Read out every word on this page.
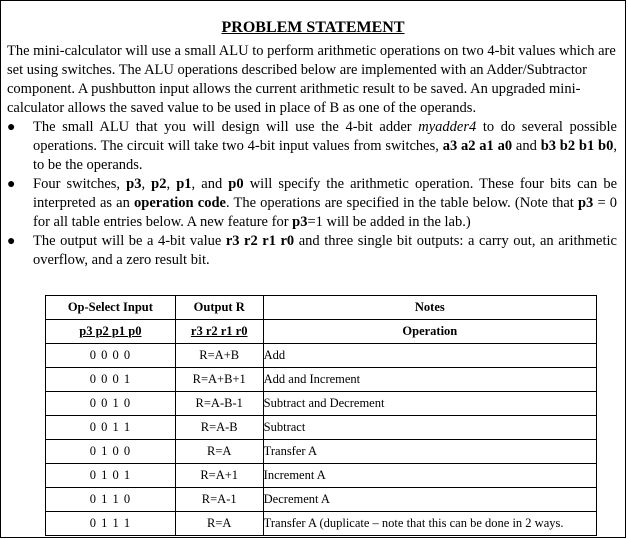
PROBLEM STATEMENT
The mini-calculator will use a small ALU to perform arithmetic operations on two 4-bit values which are set using switches. The ALU operations described below are implemented with an Adder/Subtractor component. A pushbutton input allows the current arithmetic result to be saved. An upgraded mini-calculator allows the saved value to be used in place of B as one of the operands.
● The small ALU that you will design will use the 4-bit adder myadder4 to do several possible operations. The circuit will take two 4-bit input values from switches, a3 a2 a1 a0 and b3 b2 b1 b0, to be the operands.
● Four switches, p3, p2, p1, and p0 will specify the arithmetic operation. These four bits can be interpreted as an operation code. The operations are specified in the table below. (Note that p3 = 0 for all table entries below. A new feature for p3=1 will be added in the lab.)
● The output will be a 4-bit value r3 r2 r1 r0 and three single bit outputs: a carry out, an arithmetic overflow, and a zero result bit.
Op-Select Input	Output R	Notes
p3 p2 p1 p0	r3 r2 r1 r0	Operation
0 0 0 0	R=A+B	Add
0 0 0 1	R=A+B+1	Add and Increment
0 0 1 0	R=A-B-1	Subtract and Decrement
0 0 1 1	R=A-B	Subtract
0 1 0 0	R=A	Transfer A
0 1 0 1	R=A+1	Increment A
0 1 1 0	R=A-1	Decrement A
0 1 1 1	R=A	Transfer A (duplicate – note that this can be done in 2 ways.
